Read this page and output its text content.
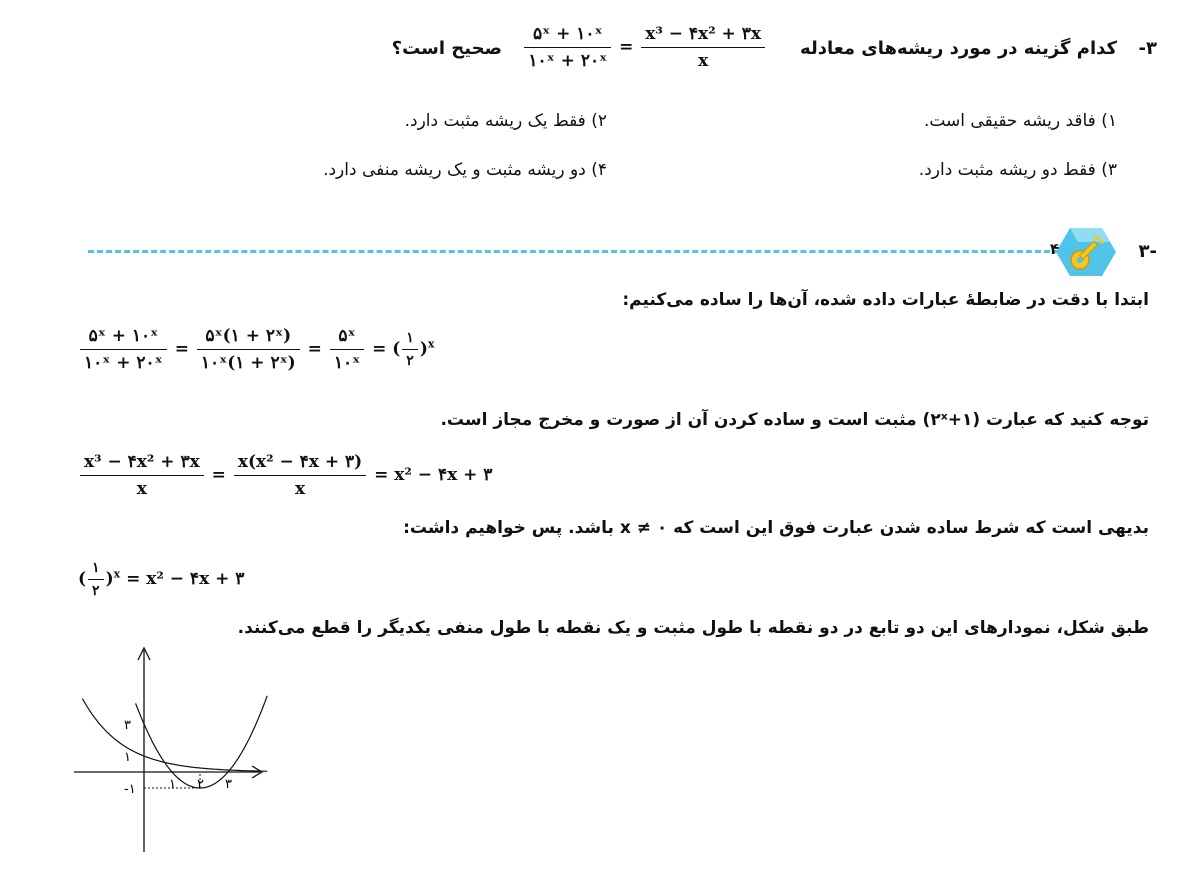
۳-
کدام گزینه در مورد ریشه‌های معادله
$\frac{\text{۵ˣ + ۱۰ˣ}}{\text{۱۰ˣ + ۲۰ˣ}} = \frac{\text{x³ − ۴x² + ۳x}}{x}$
صحیح است؟
۱) فاقد ریشه حقیقی است.
۲) فقط یک ریشه مثبت دارد.
۳) فقط دو ریشه مثبت دارد.
۴) دو ریشه مثبت و یک ریشه منفی دارد.
۳-
۴
ابتدا با دقت در ضابطهٔ عبارات داده شده، آن‌ها را ساده می‌کنیم:
$\frac{\text{۵ˣ + ۱۰ˣ}}{\text{۱۰ˣ + ۲۰ˣ}} = \frac{\text{۵ˣ(۱ + ۲ˣ)}}{\text{۱۰ˣ(۱ + ۲ˣ)}} = \frac{\text{۵ˣ}}{\text{۱۰ˣ}}$ = ( $\frac{۱}{۲} )^x$
توجه کنید که عبارت (۱+۲ˣ) مثبت است و ساده کردن آن از صورت و مخرج مجاز است.
$\frac{\text{x³ − ۴x² + ۳x}}{x} = \frac{\text{x(x² − ۴x + ۳)}}{x} = x^2$ − ۴x + ۳
بدیهی است که شرط ساده شدن عبارت فوق این است که x ≠ ۰ باشد. پس خواهیم داشت:
( $\frac{۱}{۲} )^x = x^2$ − ۴x + ۳
طبق شکل، نمودارهای این دو تابع در دو نقطه با طول مثبت و یک نقطه با طول منفی یکدیگر را قطع می‌کنند.
۳
۱
-۱	۱ ۲ ۳
